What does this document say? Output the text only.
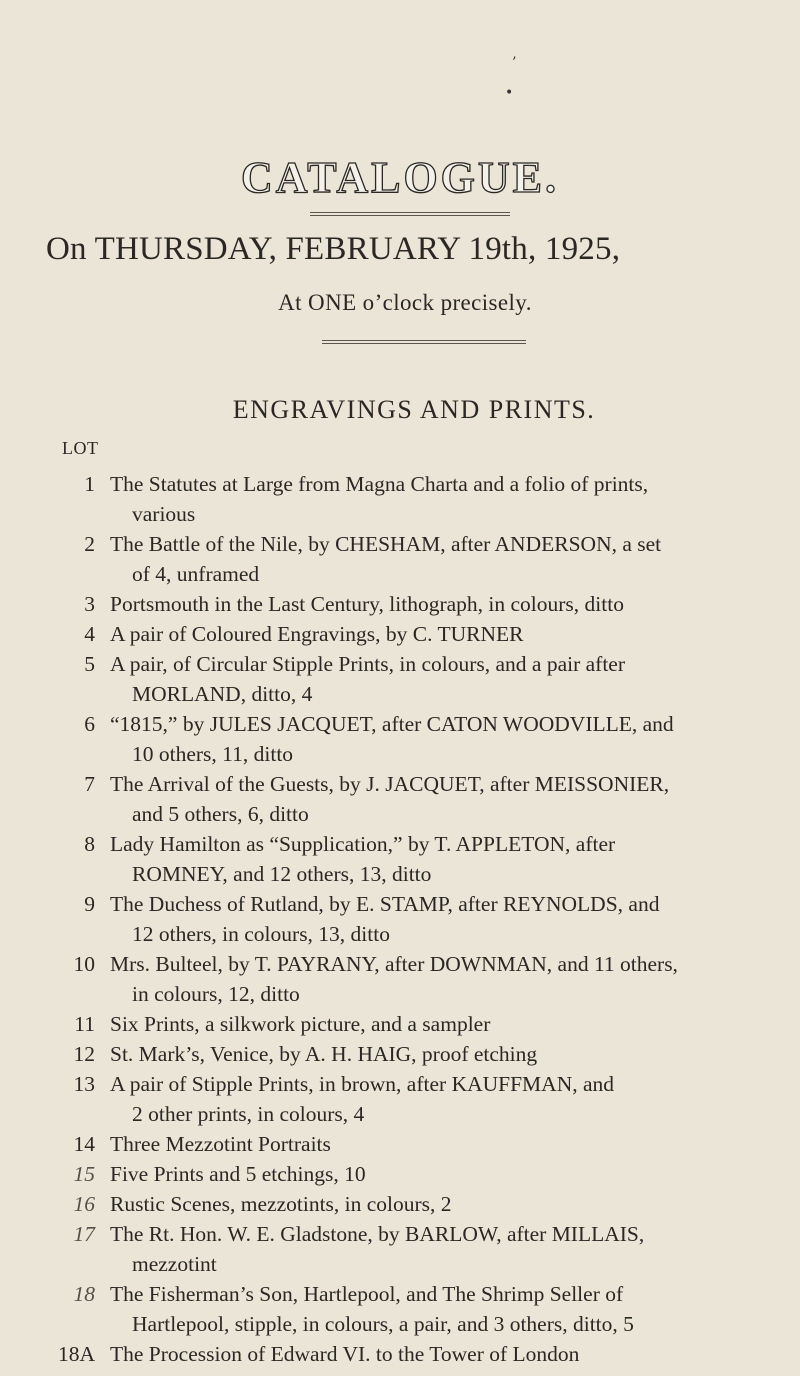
•
’
CATALOGUE.
On THURSDAY, FEBRUARY 19th, 1925,
At ONE o’clock precisely.
ENGRAVINGS AND PRINTS.
LOT
1 The Statutes at Large from Magna Charta and a folio of prints,
various
2 The Battle of the Nile, by CHESHAM, after ANDERSON, a set
of 4, unframed
3 Portsmouth in the Last Century, lithograph, in colours, ditto
4 A pair of Coloured Engravings, by C. TURNER
5 A pair, of Circular Stipple Prints, in colours, and a pair after
MORLAND, ditto, 4
6 “1815,” by JULES JACQUET, after CATON WOODVILLE, and
10 others, 11, ditto
7 The Arrival of the Guests, by J. JACQUET, after MEISSONIER,
and 5 others, 6, ditto
8 Lady Hamilton as “Supplication,” by T. APPLETON, after
ROMNEY, and 12 others, 13, ditto
9 The Duchess of Rutland, by E. STAMP, after REYNOLDS, and
12 others, in colours, 13, ditto
10 Mrs. Bulteel, by T. PAYRANY, after DOWNMAN, and 11 others,
in colours, 12, ditto
11 Six Prints, a silkwork picture, and a sampler
12 St. Mark’s, Venice, by A. H. HAIG, proof etching
13 A pair of Stipple Prints, in brown, after KAUFFMAN, and
2 other prints, in colours, 4
14 Three Mezzotint Portraits
15 Five Prints and 5 etchings, 10
16 Rustic Scenes, mezzotints, in colours, 2
17 The Rt. Hon. W. E. Gladstone, by BARLOW, after MILLAIS,
mezzotint
18 The Fisherman’s Son, Hartlepool, and The Shrimp Seller of
Hartlepool, stipple, in colours, a pair, and 3 others, ditto, 5
18A The Procession of Edward VI. to the Tower of London
